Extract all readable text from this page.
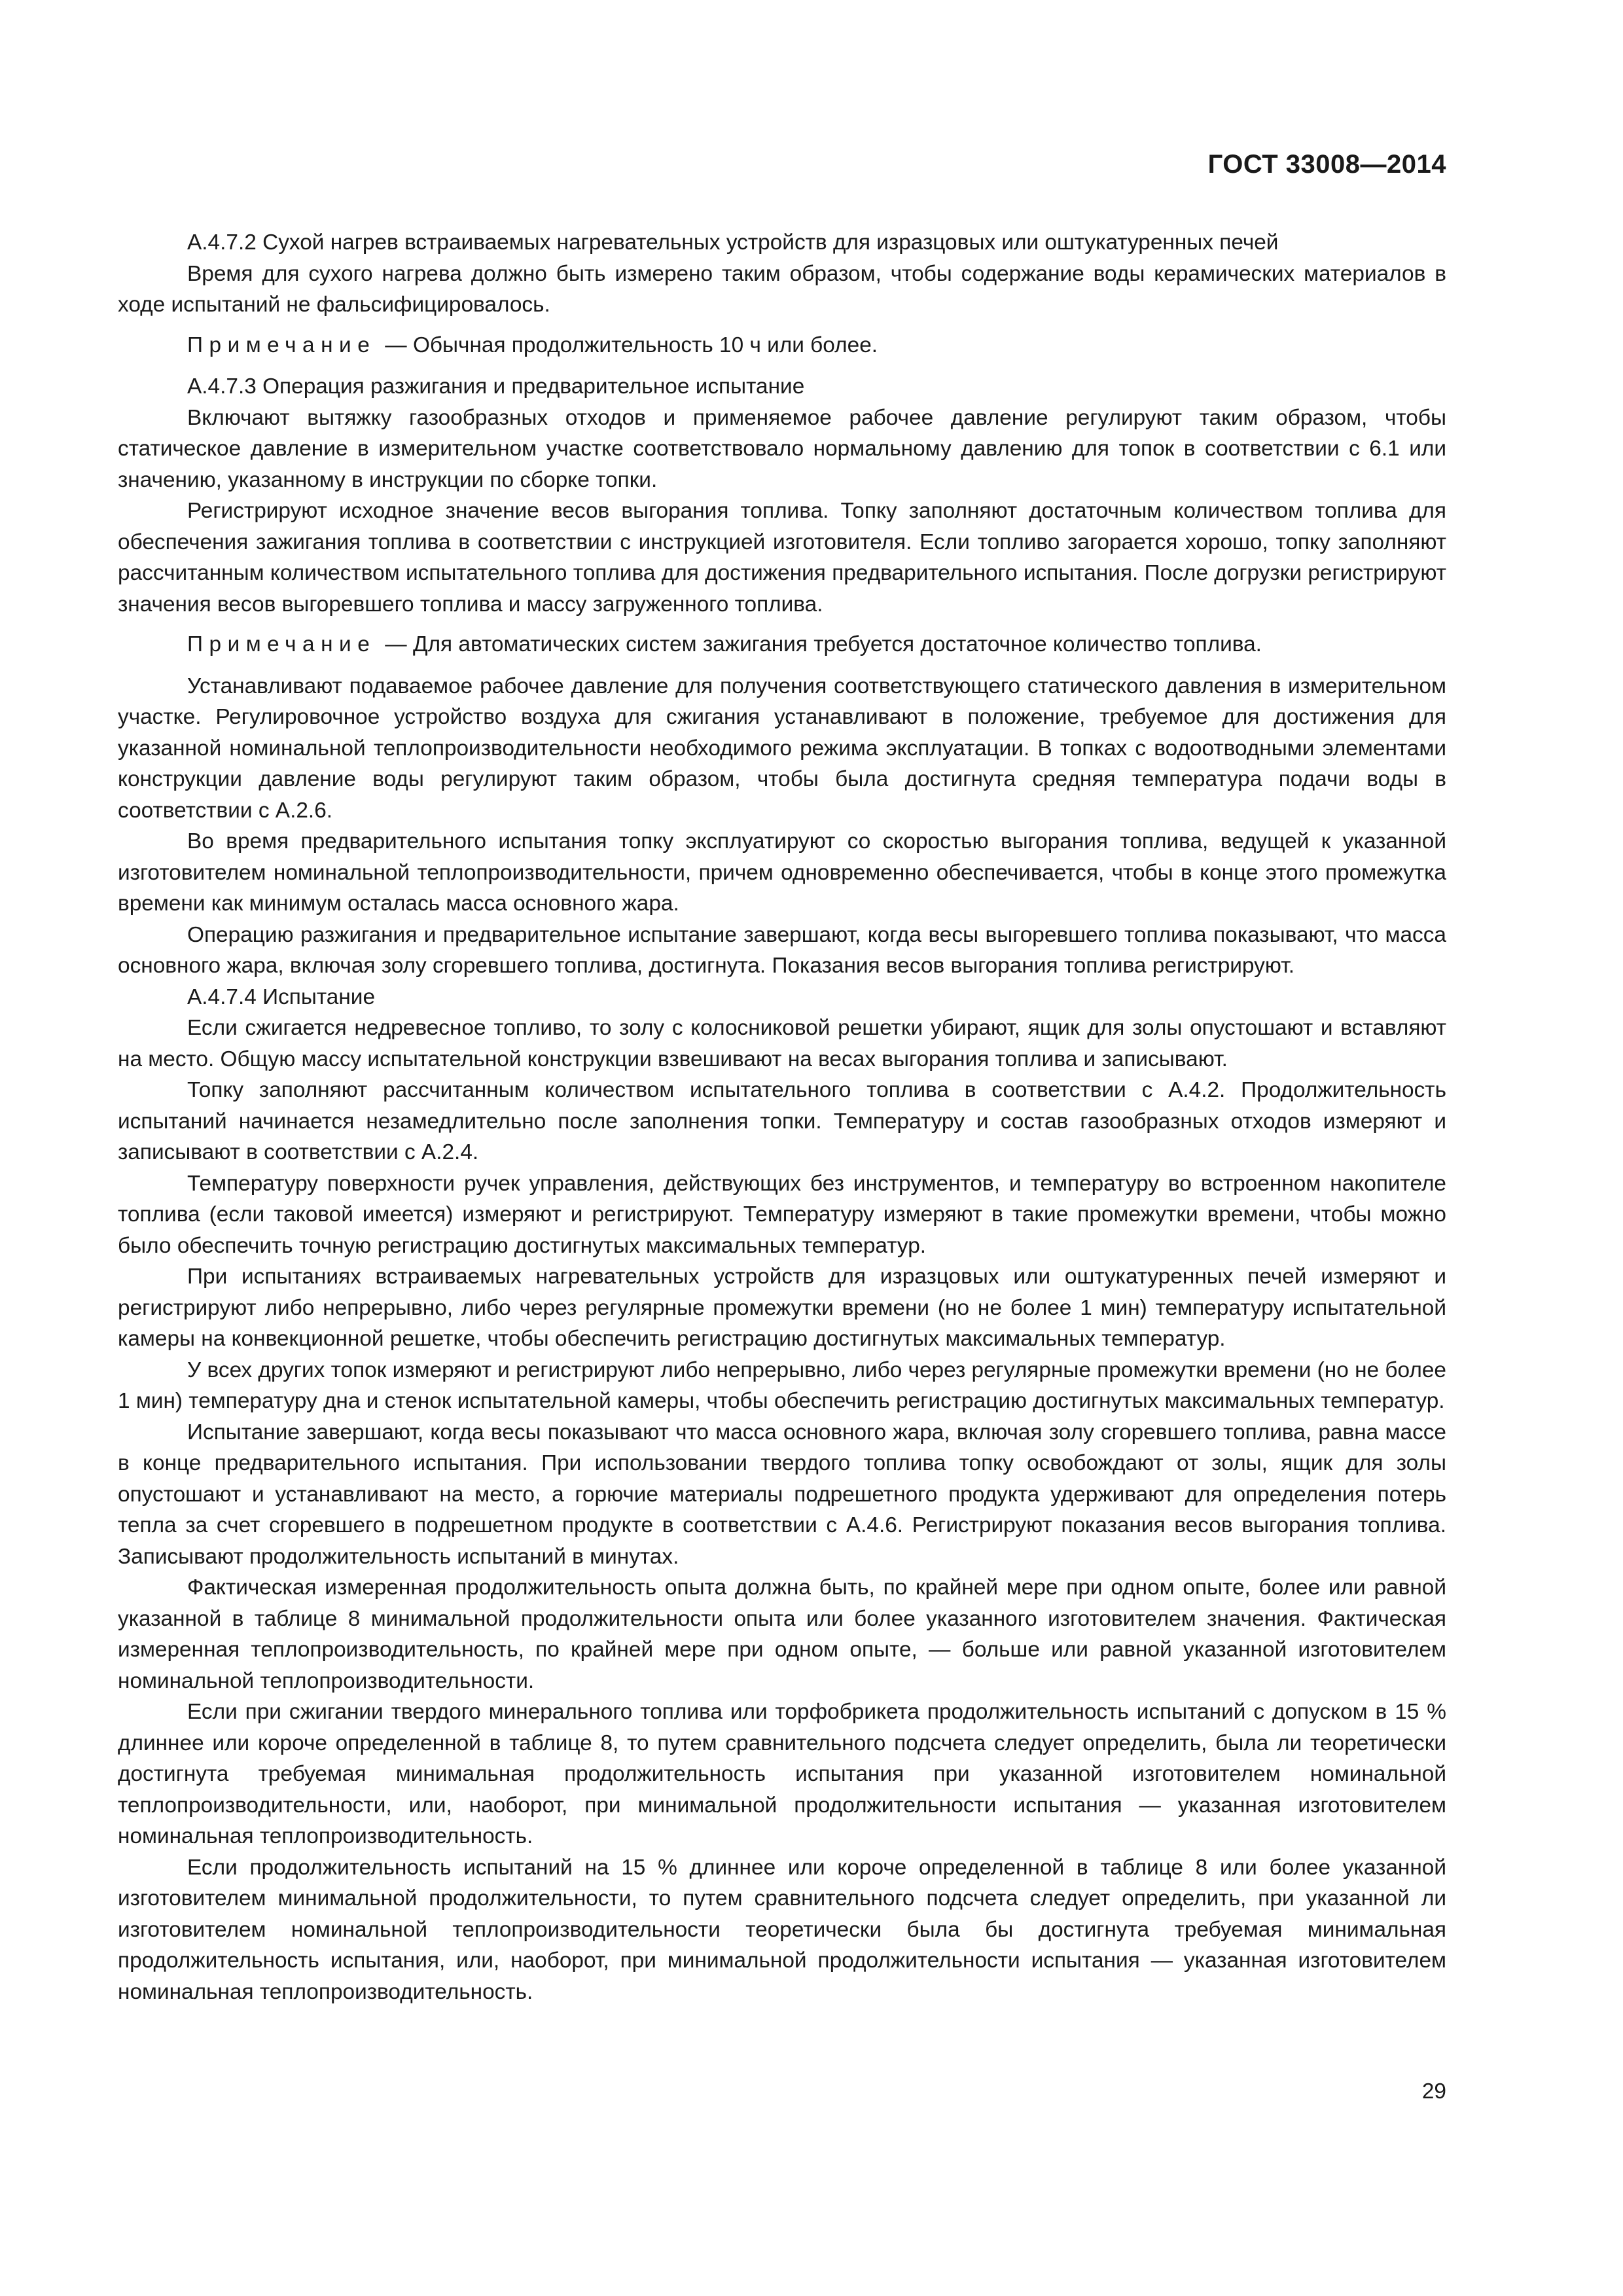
ГОСТ 33008—2014

А.4.7.2 Сухой нагрев встраиваемых нагревательных устройств для изразцовых или оштукатуренных печей

Время для сухого нагрева должно быть измерено таким образом, чтобы содержание воды керамических материалов в ходе испытаний не фальсифицировалось.

Примечание — Обычная продолжительность 10 ч или более.

А.4.7.3 Операция разжигания и предварительное испытание

Включают вытяжку газообразных отходов и применяемое рабочее давление регулируют таким образом, чтобы статическое давление в измерительном участке соответствовало нормальному давлению для топок в соответствии с 6.1 или значению, указанному в инструкции по сборке топки.

Регистрируют исходное значение весов выгорания топлива. Топку заполняют достаточным количеством топлива для обеспечения зажигания топлива в соответствии с инструкцией изготовителя. Если топливо загорается хорошо, топку заполняют рассчитанным количеством испытательного топлива для достижения предварительного испытания. После догрузки регистрируют значения весов выгоревшего топлива и массу загруженного топлива.

Примечание — Для автоматических систем зажигания требуется достаточное количество топлива.

Устанавливают подаваемое рабочее давление для получения соответствующего статического давления в измерительном участке. Регулировочное устройство воздуха для сжигания устанавливают в положение, требуемое для достижения для указанной номинальной теплопроизводительности необходимого режима эксплуатации. В топках с водоотводными элементами конструкции давление воды регулируют таким образом, чтобы была достигнута средняя температура подачи воды в соответствии с А.2.6.

Во время предварительного испытания топку эксплуатируют со скоростью выгорания топлива, ведущей к указанной изготовителем номинальной теплопроизводительности, причем одновременно обеспечивается, чтобы в конце этого промежутка времени как минимум осталась масса основного жара.

Операцию разжигания и предварительное испытание завершают, когда весы выгоревшего топлива показывают, что масса основного жара, включая золу сгоревшего топлива, достигнута. Показания весов выгорания топлива регистрируют.

А.4.7.4 Испытание

Если сжигается недревесное топливо, то золу с колосниковой решетки убирают, ящик для золы опустошают и вставляют на место. Общую массу испытательной конструкции взвешивают на весах выгорания топлива и записывают.

Топку заполняют рассчитанным количеством испытательного топлива в соответствии с А.4.2. Продолжительность испытаний начинается незамедлительно после заполнения топки. Температуру и состав газообразных отходов измеряют и записывают в соответствии с А.2.4.

Температуру поверхности ручек управления, действующих без инструментов, и температуру во встроенном накопителе топлива (если таковой имеется) измеряют и регистрируют. Температуру измеряют в такие промежутки времени, чтобы можно было обеспечить точную регистрацию достигнутых максимальных температур.

При испытаниях встраиваемых нагревательных устройств для изразцовых или оштукатуренных печей измеряют и регистрируют либо непрерывно, либо через регулярные промежутки времени (но не более 1 мин) температуру испытательной камеры на конвекционной решетке, чтобы обеспечить регистрацию достигнутых максимальных температур.

У всех других топок измеряют и регистрируют либо непрерывно, либо через регулярные промежутки времени (но не более 1 мин) температуру дна и стенок испытательной камеры, чтобы обеспечить регистрацию достигнутых максимальных температур.

Испытание завершают, когда весы показывают что масса основного жара, включая золу сгоревшего топлива, равна массе в конце предварительного испытания. При использовании твердого топлива топку освобождают от золы, ящик для золы опустошают и устанавливают на место, а горючие материалы подрешетного продукта удерживают для определения потерь тепла за счет сгоревшего в подрешетном продукте в соответствии с А.4.6. Регистрируют показания весов выгорания топлива. Записывают продолжительность испытаний в минутах.

Фактическая измеренная продолжительность опыта должна быть, по крайней мере при одном опыте, более или равной указанной в таблице 8 минимальной продолжительности опыта или более указанного изготовителем значения. Фактическая измеренная теплопроизводительность, по крайней мере при одном опыте, — больше или равной указанной изготовителем номинальной теплопроизводительности.

Если при сжигании твердого минерального топлива или торфобрикета продолжительность испытаний с допуском в 15 % длиннее или короче определенной в таблице 8, то путем сравнительного подсчета следует определить, была ли теоретически достигнута требуемая минимальная продолжительность испытания при указанной изготовителем номинальной теплопроизводительности, или, наоборот, при минимальной продолжительности испытания — указанная изготовителем номинальная теплопроизводительность.

Если продолжительность испытаний на 15 % длиннее или короче определенной в таблице 8 или более указанной изготовителем минимальной продолжительности, то путем сравнительного подсчета следует определить, при указанной ли изготовителем номинальной теплопроизводительности теоретически была бы достигнута требуемая минимальная продолжительность испытания, или, наоборот, при минимальной продолжительности испытания — указанная изготовителем номинальная теплопроизводительность.

29
